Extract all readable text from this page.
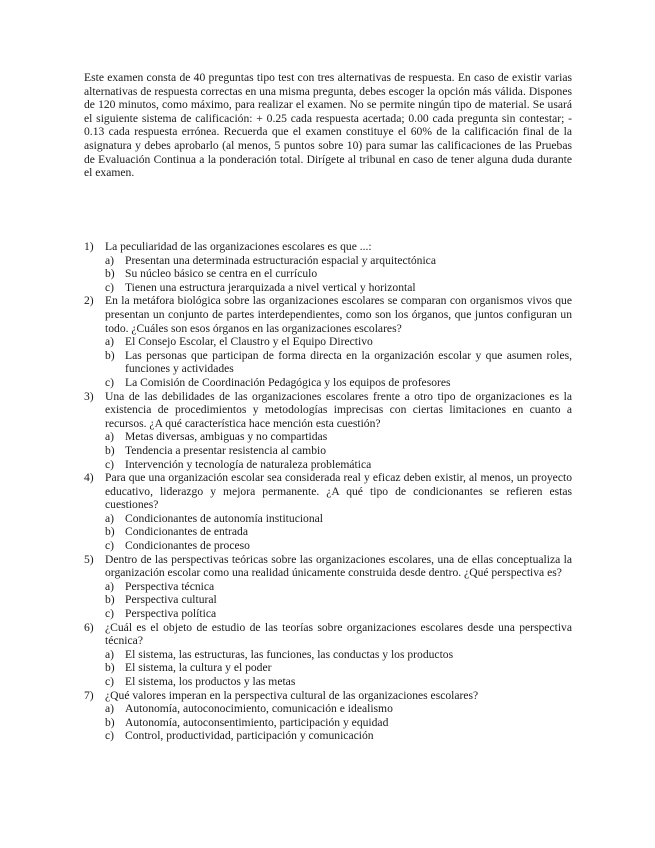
Este examen consta de 40 preguntas tipo test con tres alternativas de respuesta. En caso de existir varias alternativas de respuesta correctas en una misma pregunta, debes escoger la opción más válida. Dispones de 120 minutos, como máximo, para realizar el examen. No se permite ningún tipo de material. Se usará el siguiente sistema de calificación: + 0.25 cada respuesta acertada; 0.00 cada pregunta sin contestar; - 0.13 cada respuesta errónea. Recuerda que el examen constituye el 60% de la calificación final de la asignatura y debes aprobarlo (al menos, 5 puntos sobre 10) para sumar las calificaciones de las Pruebas de Evaluación Continua a la ponderación total. Dirígete al tribunal en caso de tener alguna duda durante el examen.

1) La peculiaridad de las organizaciones escolares es que ...:
a) Presentan una determinada estructuración espacial y arquitectónica
b) Su núcleo básico se centra en el currículo
c) Tienen una estructura jerarquizada a nivel vertical y horizontal
2) En la metáfora biológica sobre las organizaciones escolares se comparan con organismos vivos que presentan un conjunto de partes interdependientes, como son los órganos, que juntos configuran un todo. ¿Cuáles son esos órganos en las organizaciones escolares?
a) El Consejo Escolar, el Claustro y el Equipo Directivo
b) Las personas que participan de forma directa en la organización escolar y que asumen roles, funciones y actividades
c) La Comisión de Coordinación Pedagógica y los equipos de profesores
3) Una de las debilidades de las organizaciones escolares frente a otro tipo de organizaciones es la existencia de procedimientos y metodologías imprecisas con ciertas limitaciones en cuanto a recursos. ¿A qué característica hace mención esta cuestión?
a) Metas diversas, ambiguas y no compartidas
b) Tendencia a presentar resistencia al cambio
c) Intervención y tecnología de naturaleza problemática
4) Para que una organización escolar sea considerada real y eficaz deben existir, al menos, un proyecto educativo, liderazgo y mejora permanente. ¿A qué tipo de condicionantes se refieren estas cuestiones?
a) Condicionantes de autonomía institucional
b) Condicionantes de entrada
c) Condicionantes de proceso
5) Dentro de las perspectivas teóricas sobre las organizaciones escolares, una de ellas conceptualiza la organización escolar como una realidad únicamente construida desde dentro. ¿Qué perspectiva es?
a) Perspectiva técnica
b) Perspectiva cultural
c) Perspectiva política
6) ¿Cuál es el objeto de estudio de las teorías sobre organizaciones escolares desde una perspectiva técnica?
a) El sistema, las estructuras, las funciones, las conductas y los productos
b) El sistema, la cultura y el poder
c) El sistema, los productos y las metas
7) ¿Qué valores imperan en la perspectiva cultural de las organizaciones escolares?
a) Autonomía, autoconocimiento, comunicación e idealismo
b) Autonomía, autoconsentimiento, participación y equidad
c) Control, productividad, participación y comunicación
